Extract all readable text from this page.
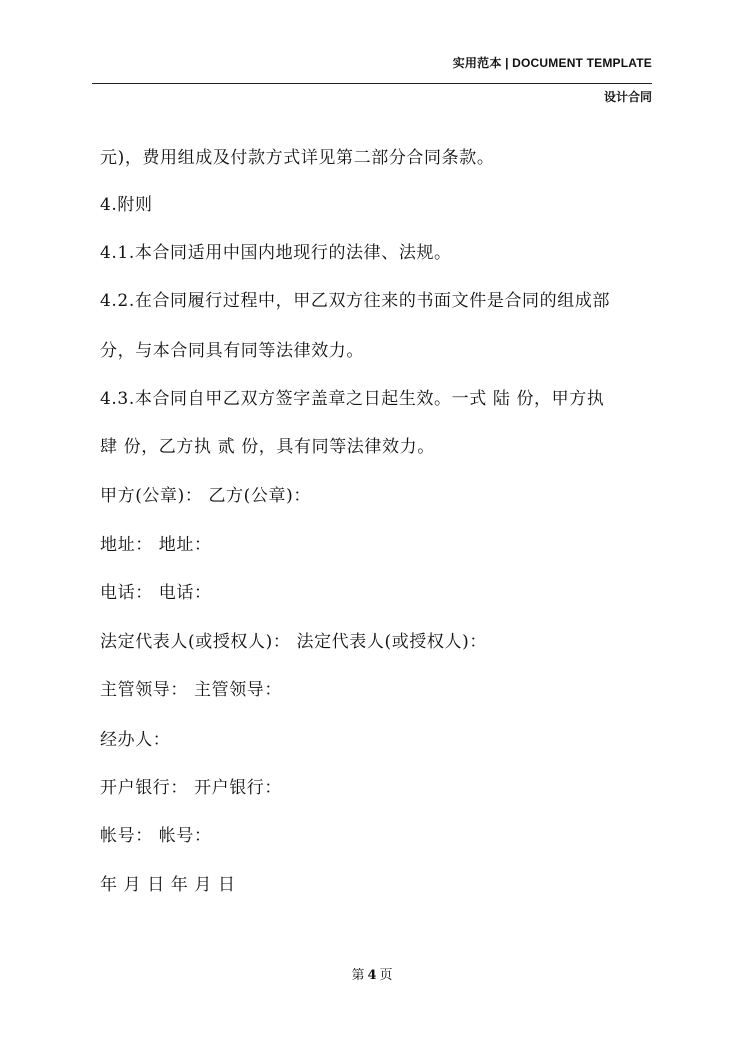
实用范本 | DOCUMENT TEMPLATE
设计合同
元)，费用组成及付款方式详见第二部分合同条款。
4.附则
4.1.本合同适用中国内地现行的法律、法规。
4.2.在合同履行过程中，甲乙双方往来的书面文件是合同的组成部
分，与本合同具有同等法律效力。
4.3.本合同自甲乙双方签字盖章之日起生效。一式 陆 份，甲方执
肆 份，乙方执 贰 份，具有同等法律效力。
甲方(公章)： 乙方(公章)：
地址： 地址：
电话： 电话：
法定代表人(或授权人)： 法定代表人(或授权人)：
主管领导： 主管领导：
经办人：
开户银行： 开户银行：
帐号： 帐号：
年 月 日 年 月 日
第 4 页
